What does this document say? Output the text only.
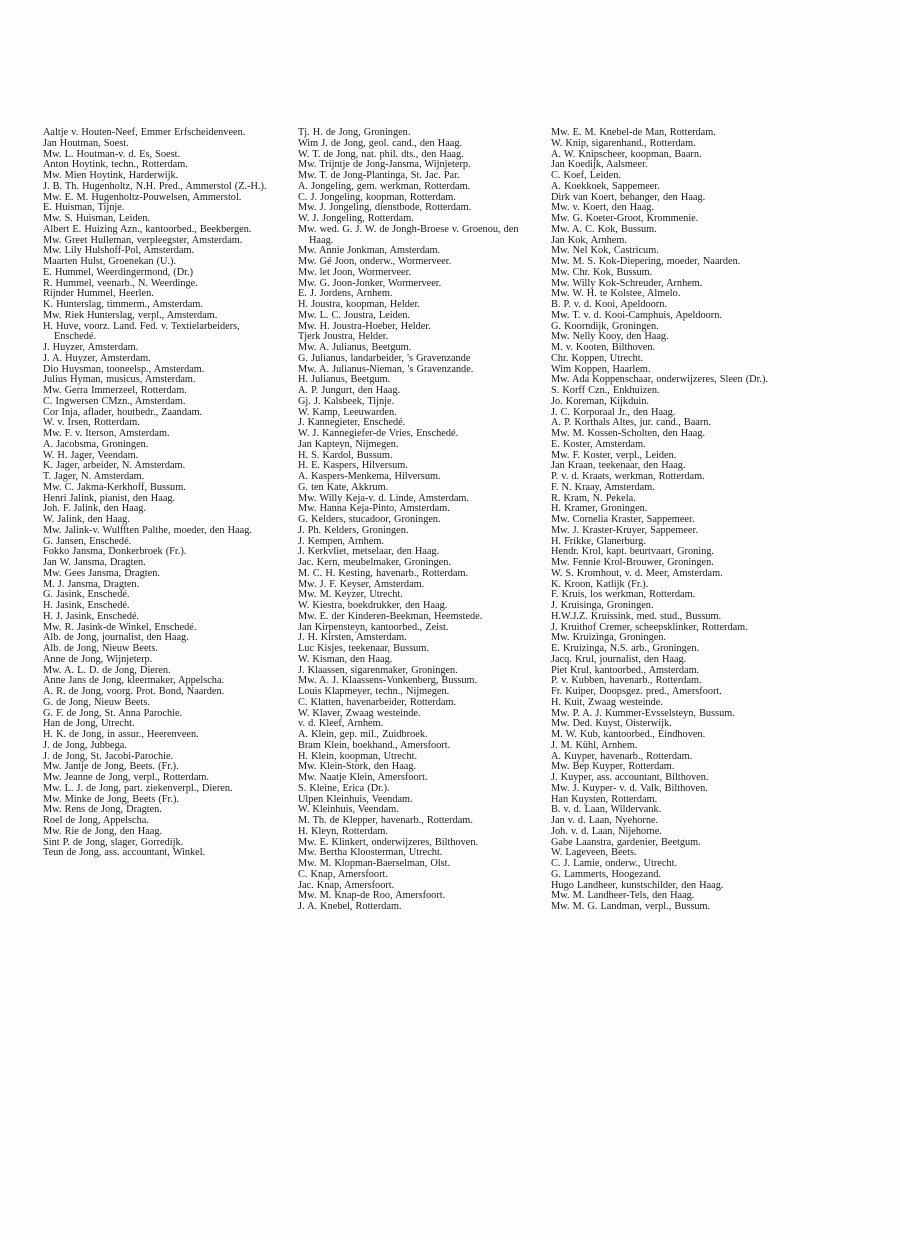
Aaltje v. Houten-Neef, Emmer Erfscheidenveen.
Jan Houtman, Soest.
Mw. L. Houtman-v. d. Es, Soest.
Anton Hoytink, techn., Rotterdam.
Mw. Mien Hoytink, Harderwijk.
J. B. Th. Hugenholtz, N.H. Pred., Ammerstol (Z.-H.).
Mw. E. M. Hugenholtz-Pouwelsen, Ammerstol.
E. Huisman, Tijnje.
Mw. S. Huisman, Leiden.
Albert E. Huizing Azn., kantoorbed., Beekbergen.
Mw. Greet Hulleman, verpleegster, Amsterdam.
Mw. Lily Hulshoff-Pol, Amsterdam.
Maarten Hulst, Groenekan (U.).
E. Hummel, Weerdingermond, (Dr.)
R. Hummel, veenarb., N. Weerdinge.
Rijnder Hummel, Heerlen.
K. Hunterslag, timmerm., Amsterdam.
Mw. Riek Hunterslag, verpl., Amsterdam.
H. Huve, voorz. Land. Fed. v. Textielarbeiders, Enschedé.
J. Huyzer, Amsterdam.
J. A. Huyzer, Amsterdam.
Dio Huysman, tooneelsp., Amsterdam.
Julius Hyman, musicus, Amsterdam.
Mw. Gerra Immerzeel, Rotterdam.
C. Ingwersen CMzn., Amsterdam.
Cor Inja, aflader, houtbedr., Zaandam.
W. v. Irsen, Rotterdam.
Mw. F. v. Iterson, Amsterdam.
A. Jacobsma, Groningen.
W. H. Jager, Veendam.
K. Jager, arbeider, N. Amsterdam.
T. Jager, N. Amsterdam.
Mw. C. Jakma-Kerkhoff, Bussum.
Henri Jalink, pianist, den Haag.
Joh. F. Jalink, den Haag.
W. Jalink, den Haag.
Mw. Jalink-v. Wulfften Palthe, moeder, den Haag.
G. Jansen, Enschedé.
Fokko Jansma, Donkerbroek (Fr.).
Jan W. Jansma, Dragten.
Mw. Gees Jansma, Dragten.
M. J. Jansma, Dragten.
G. Jasink, Enschedé.
H. Jasink, Enschedé.
H. J. Jasink, Enschedé.
Mw. R. Jasink-de Winkel, Enschedé.
Alb. de Jong, journalist, den Haag.
Alb. de Jong, Nieuw Beets.
Anne de Jong, Wijnjeterp.
Mw. A. L. D. de Jong, Dieren.
Anne Jans de Jong, kleermaker, Appelscha.
A. R. de Jong, voorg. Prot. Bond, Naarden.
G. de Jong, Nieuw Beets.
G. F. de Jong, St. Anna Parochie.
Han de Jong, Utrecht.
H. K. de Jong, in assur., Heerenveen.
J. de Jong, Jubbega.
J. de Jong, St. Jacobi-Parochie.
Mw. Jantje de Jong, Beets. (Fr.).
Mw. Jeanne de Jong, verpl., Rotterdam.
Mw. L. J. de Jong, part. ziekenverpl., Dieren.
Mw. Minke de Jong, Beets (Fr.).
Mw. Rens de Jong, Dragten.
Roel de Jong, Appelscha.
Mw. Rie de Jong, den Haag.
Sint P. de Jong, slager, Gorredijk.
Teun de Jong, ass. accountant, Winkel.
Tj. H. de Jong, Groningen.
Wim J. de Jong, geol. cand., den Haag.
W. T. de Jong, nat. phil. dts., den Haag.
Mw. Trijntje de Jong-Jansma, Wijnjeterp.
Mw. T. de Jong-Plantinga, St. Jac. Par.
A. Jongeling, gem. werkman, Rotterdam.
C. J. Jongeling, koopman, Rotterdam.
Mw. J. Jongeling, dienstbode, Rotterdam.
W. J. Jongeling, Rotterdam.
Mw. wed. G. J. W. de Jongh-Broese v. Groenou, den Haag.
Mw. Annie Jonkman, Amsterdam.
Mw. Gé Joon, onderw., Wormerveer.
Mw. let Joon, Wormerveer.
Mw. G. Joon-Jonker, Wormerveer.
E. J. Jordens, Arnhem.
H. Joustra, koopman, Helder.
Mw. L. C. Joustra, Leiden.
Mw. H. Joustra-Hoeber, Helder.
Tjerk Joustra, Helder.
Mw. A. Julianus, Beetgum.
G. Julianus, landarbeider, 's Gravenzande
Mw. A. Julianus-Nieman, 's Gravenzande.
H. Julianus, Beetgum.
A. P. Jungurt, den Haag.
Gj. J. Kalsbeek, Tijnje.
W. Kamp, Leeuwarden.
J. Kannegieter, Enschedé.
W. J. Kannegiefer-de Vries, Enschedé.
Jan Kapteyn, Nijmegen.
H. S. Kardol, Bussum.
H. E. Kaspers, Hilversum.
A. Kaspers-Menkema, Hilversum.
G. ten Kate, Akkrum.
Mw. Willy Keja-v. d. Linde, Amsterdam.
Mw. Hanna Keja-Pinto, Amsterdam.
G. Kelders, stucadoor, Groningen.
J. Ph. Kelders, Groningen.
J. Kempen, Arnhem.
J. Kerkvliet, metselaar, den Haag.
Jac. Kern, meubelmaker, Groningen.
M. C. H. Kesting, havenarb., Rotterdam.
Mw. J. F. Keyser, Amsterdam.
Mw. M. Keyzer, Utrecht.
W. Kiestra, boekdrukker, den Haag.
Mw. E. der Kinderen-Beekman, Heemstede.
Jan Kirpensteyn, kantoorbed., Zeist.
J. H. Kirsten, Amsterdam.
Luc Kisjes, teekenaar, Bussum.
W. Kisman, den Haag.
J. Klaassen, sigarenmaker, Groningen.
Mw. A. J. Klaassens-Vonkenberg, Bussum.
Louis Klapmeyer, techn., Nijmegen.
C. Klatten, havenarbeider, Rotterdam.
W. Klaver, Zwaag westeinde.
v. d. Kleef, Arnhem.
A. Klein, gep. mil., Zuidbroek.
Bram Klein, boekhand., Amersfoort.
H. Klein, koopman, Utrecht.
Mw. Klein-Stork, den Haag.
Mw. Naatje Klein, Amersfoort.
S. Kleine, Erica (Dr.).
Ulpen Kleinhuis, Veendam.
W. Kleinhuis, Veendam.
M. Th. de Klepper, havenarb., Rotterdam.
H. Kleyn, Rotterdam.
Mw. E. Klinkert, onderwijzeres, Bilthoven.
Mw. Bertha Kloosterman, Utrecht.
Mw. M. Klopman-Baerselman, Olst.
C. Knap, Amersfoort.
Jac. Knap, Amersfoort.
Mw. M. Knap-de Roo, Amersfoort.
J. A. Knebel, Rotterdam.
Mw. E. M. Knebel-de Man, Rotterdam.
W. Knip, sigarenhand., Rotterdam.
A. W. Knipscheer, koopman, Baarn.
Jan Koedijk, Aalsmeer.
C. Koef, Leiden.
A. Koekkoek, Sappemeer.
Dirk van Koert, behanger, den Haag.
Mw. v. Koert, den Haag.
Mw. G. Koeter-Groot, Krommenie.
Mw. A. C. Kok, Bussum.
Jan Kok, Arnhem.
Mw. Nel Kok, Castricum.
Mw. M. S. Kok-Diepering, moeder, Naarden.
Mw. Chr. Kok, Bussum.
Mw. Willy Kok-Schreuder, Arnhem.
Mw. W. H. te Kolstee, Almelo.
B. P. v. d. Kooi, Apeldoorn.
Mw. T. v. d. Kooi-Camphuis, Apeldoorn.
G. Koorndijk, Groningen.
Mw. Nelly Kooy, den Haag.
M. v. Kooten, Bilthoven.
Chr. Koppen, Utrecht.
Wim Koppen, Haarlem.
Mw. Ada Koppenschaar, onderwijzeres, Sleen (Dr.).
S. Korff Czn., Enkhuizen.
Jo. Koreman, Kijkduin.
J. C. Korporaal Jr., den Haag.
A. P. Korthals Altes, jur. cand., Baarn.
Mw. M. Kossen-Scholten, den Haag.
E. Koster, Amsterdam.
Mw. F. Koster, verpl., Leiden.
Jan Kraan, teekenaar, den Haag.
P. v. d. Kraats, werkman, Rotterdam.
F. N. Kraay, Amsterdam.
R. Kram, N. Pekela.
H. Kramer, Groningen.
Mw. Cornelia Kraster, Sappemeer.
Mw. J. Kraster-Kruyer, Sappemeer.
H. Frikke, Glanerburg.
Hendr. Krol, kapt. beurtvaart, Groning.
Mw. Fennie Krol-Brouwer, Groningen.
W. S. Kromhout, v. d. Meer, Amsterdam.
K. Kroon, Katlijk (Fr.).
F. Kruis, los werkman, Rotterdam.
J. Kruisinga, Groningen.
H.W.J.Z. Kruissink, med. stud., Bussum.
J. Kruithof Cremer, scheepsklinker, Rotterdam.
Mw. Kruizinga, Groningen.
E. Kruizinga, N.S. arb., Groningen.
Jacq. Krul, journalist, den Haag.
Piet Krul, kantoorbed., Amsterdam.
P. v. Kubben, havenarb., Rotterdam.
Fr. Kuiper, Doopsgez. pred., Amersfoort.
H. Kuit, Zwaag westeinde.
Mw. P. A. J. Kummer-Evsselsteyn, Bussum.
Mw. Ded. Kuyst, Oisterwijk.
M. W. Kub, kantoorbed., Eindhoven.
J. M. Kühl, Arnhem.
A. Kuyper, havenarb., Rotterdam.
Mw. Bep Kuyper, Rotterdam.
J. Kuyper, ass. accountant, Bilthoven.
Mw. J. Kuyper- v. d. Valk, Bilthoven.
Han Kuysten, Rotterdam.
B. v. d. Laan, Wildervank.
Jan v. d. Laan, Nyehorne.
Joh. v. d. Laan, Nijehorne.
Gabe Laanstra, gardenier, Beetgum.
W. Lageveen, Beets.
C. J. Lamie, onderw., Utrecht.
G. Lammerts, Hoogezand.
Hugo Landheer, kunstschilder, den Haag.
Mw. M. Landheer-Tels, den Haag.
Mw. M. G. Landman, verpl., Bussum.
